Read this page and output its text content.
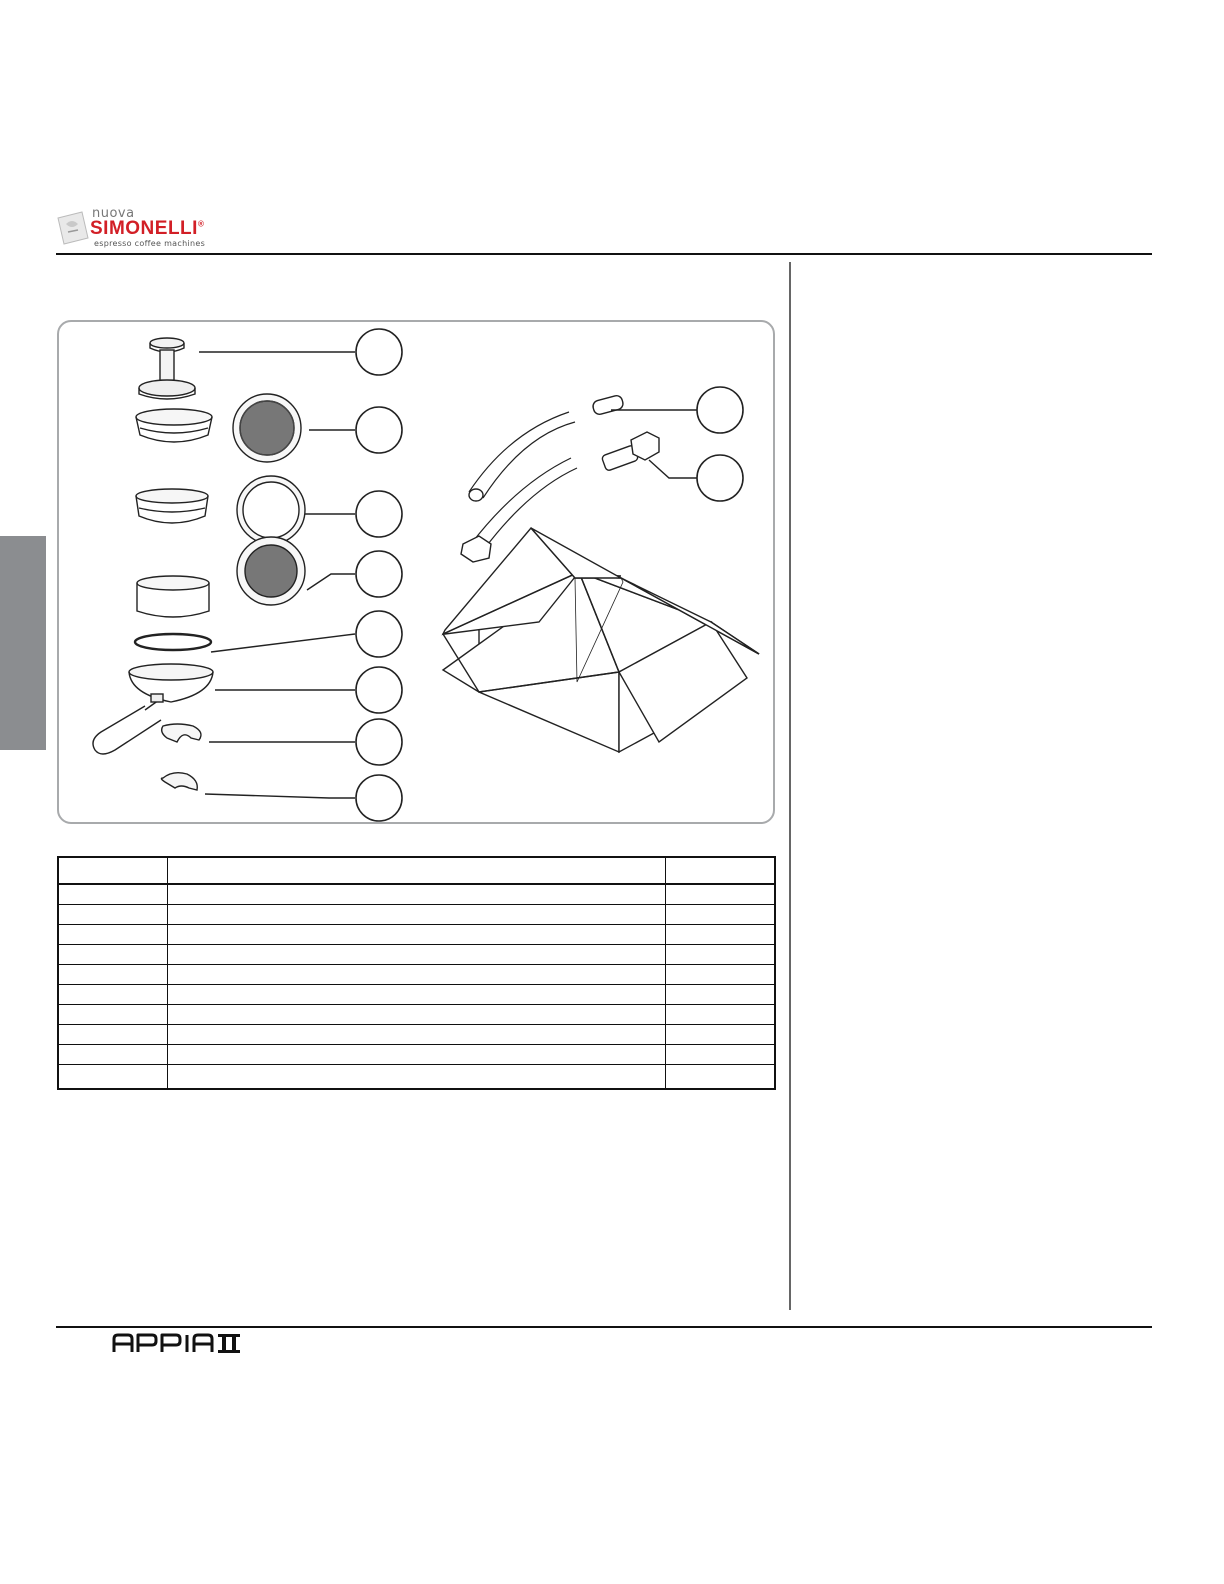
nuova
SIMONELLI®
espresso coffee machines
